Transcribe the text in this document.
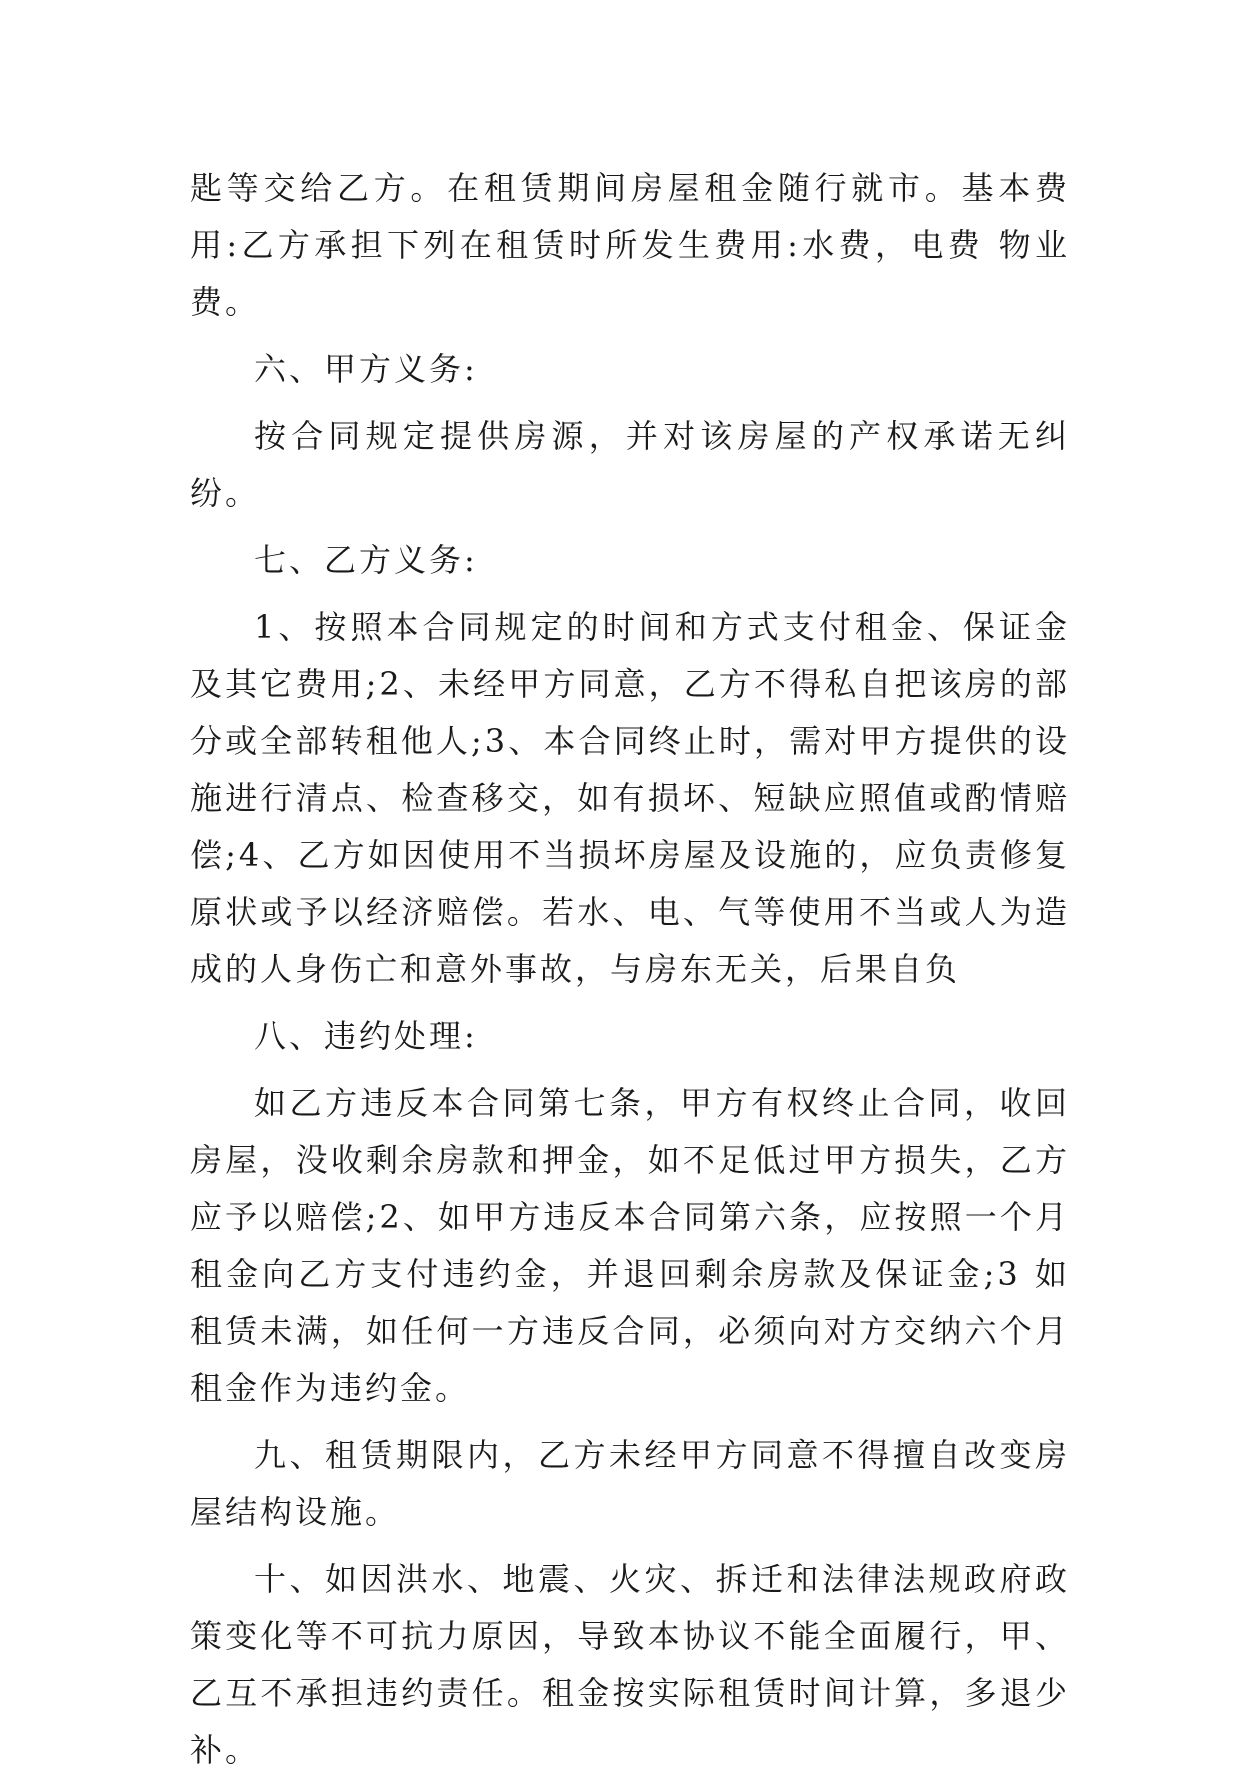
匙等交给乙方。在租赁期间房屋租金随行就市。基本费用:乙方承担下列在租赁时所发生费用:水费，电费 物业费。

六、甲方义务:

按合同规定提供房源，并对该房屋的产权承诺无纠纷。

七、乙方义务:

1、按照本合同规定的时间和方式支付租金、保证金及其它费用;2、未经甲方同意，乙方不得私自把该房的部分或全部转租他人;3、本合同终止时，需对甲方提供的设施进行清点、检查移交，如有损坏、短缺应照值或酌情赔偿;4、乙方如因使用不当损坏房屋及设施的，应负责修复原状或予以经济赔偿。若水、电、气等使用不当或人为造成的人身伤亡和意外事故，与房东无关，后果自负

八、违约处理:

如乙方违反本合同第七条，甲方有权终止合同，收回房屋，没收剩余房款和押金，如不足低过甲方损失，乙方应予以赔偿;2、如甲方违反本合同第六条，应按照一个月租金向乙方支付违约金，并退回剩余房款及保证金;3 如租赁未满，如任何一方违反合同，必须向对方交纳六个月租金作为违约金。

九、租赁期限内，乙方未经甲方同意不得擅自改变房屋结构设施。

十、如因洪水、地震、火灾、拆迁和法律法规政府政策变化等不可抗力原因，导致本协议不能全面履行，甲、乙互不承担违约责任。租金按实际租赁时间计算，多退少补。
